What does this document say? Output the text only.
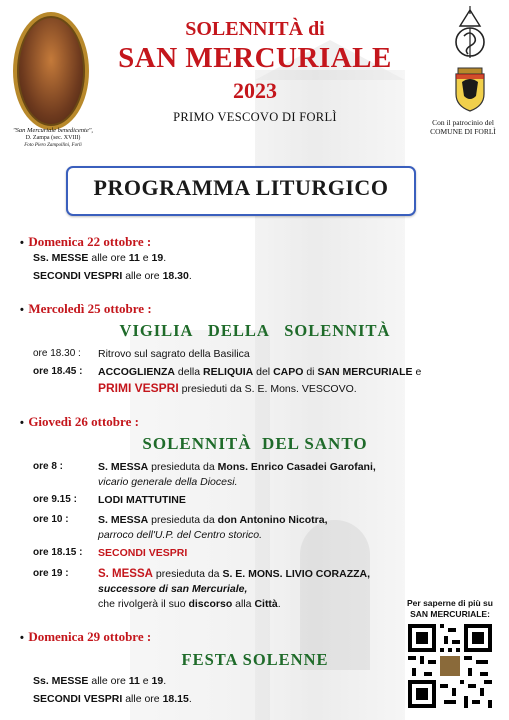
"San Mercuriale benedicente",
D. Zampa (sec. XVIII)
Foto Piero Zampollini, Forlì
SOLENNITÀ di
SAN MERCURIALE
2023
PRIMO VESCOVO DI FORLÌ	Con il patrocinio del
COMUNE DI FORLÌ
PROGRAMMA LITURGICO
• Domenica 22 ottobre :
Ss. MESSE alle ore 11 e 19.
SECONDI VESPRI alle ore 18.30.
• Mercoledì 25 ottobre :
VIGILIA   DELLA   SOLENNITÀ
ore 18.30 : Ritrovo sul sagrato della Basilica
ore 18.45 : ACCOGLIENZA della RELIQUIA del CAPO di SAN MERCURIALE e
PRIMI VESPRI presieduti da S. E. Mons. VESCOVO.
• Giovedì 26 ottobre :
SOLENNITÀ  DEL SANTO
ore 8 :	S. MESSA presieduta da Mons. Enrico Casadei Garofani,
vicario generale della Diocesi.
ore 9.15 : LODI MATTUTINE
ore 10 :	S. MESSA presieduta da don Antonino Nicotra,
parroco dell'U.P. del Centro storico.
ore 18.15 : SECONDI VESPRI
ore 19 :	S. MESSA presieduta da S. E. MONS. LIVIO CORAZZA,
successore di san Mercuriale,
che rivolgerà il suo discorso alla Città.
• Domenica 29 ottobre :
FESTA SOLENNE
Ss. MESSE alle ore 11 e 19.
SECONDI VESPRI alle ore 18.15.
Per saperne di più su
SAN MERCURIALE:
